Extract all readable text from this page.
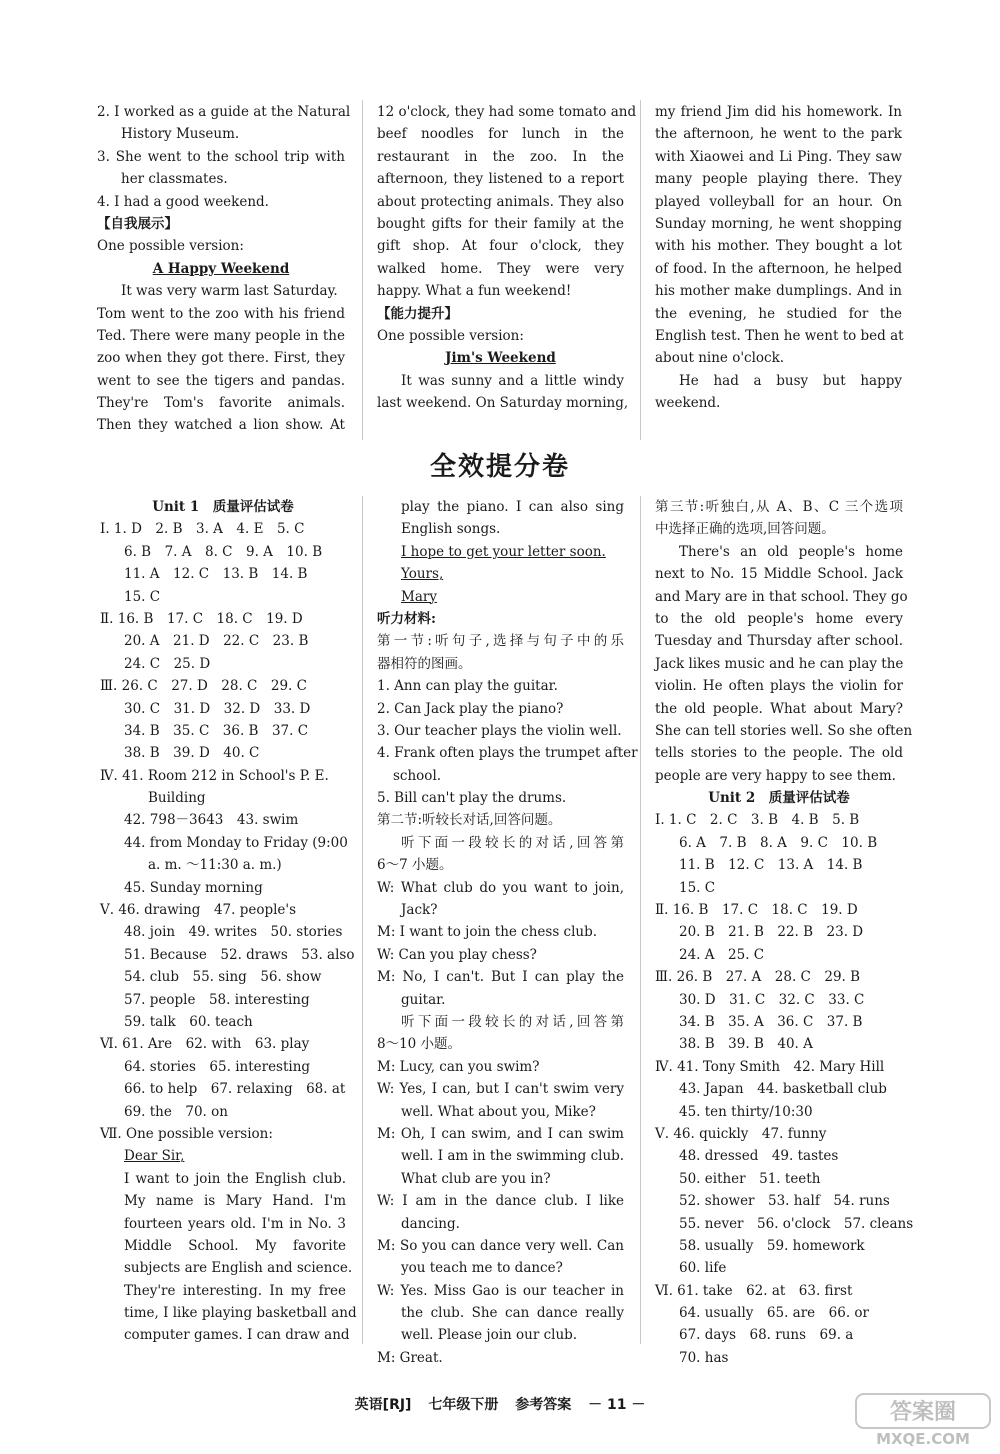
2. I worked as a guide at the Natural
History Museum.
3. She went to the school trip with
her classmates.
4. I had a good weekend.
【自我展示】
One possible version:
A Happy Weekend
It was very warm last Saturday.
Tom went to the zoo with his friend
Ted. There were many people in the
zoo when they got there. First, they
went to see the tigers and pandas.
They're Tom's favorite animals.
Then they watched a lion show. At
12 o'clock, they had some tomato and
beef noodles for lunch in the
restaurant in the zoo. In the
afternoon, they listened to a report
about protecting animals. They also
bought gifts for their family at the
gift shop. At four o'clock, they
walked home. They were very
happy. What a fun weekend!
【能力提升】
One possible version:
Jim's Weekend
It was sunny and a little windy
last weekend. On Saturday morning,
my friend Jim did his homework. In
the afternoon, he went to the park
with Xiaowei and Li Ping. They saw
many people playing there. They
played volleyball for an hour. On
Sunday morning, he went shopping
with his mother. They bought a lot
of food. In the afternoon, he helped
his mother make dumplings. And in
the evening, he studied for the
English test. Then he went to bed at
about nine o'clock.
He had a busy but happy
weekend.
全效提分卷
Unit 1　质量评估试卷
Ⅰ. 1. D　2. B　3. A　4. E　5. C
6. B　7. A　8. C　9. A　10. B
11. A　12. C　13. B　14. B
15. C
Ⅱ. 16. B　17. C　18. C　19. D
20. A　21. D　22. C　23. B
24. C　25. D
Ⅲ. 26. C　27. D　28. C　29. C
30. C　31. D　32. D　33. D
34. B　35. C　36. B　37. C
38. B　39. D　40. C
Ⅳ. 41. Room 212 in School's P. E.
Building
42. 798－3643　43. swim
44. from Monday to Friday (9:00
a. m. ～11:30 a. m.)
45. Sunday morning
Ⅴ. 46. drawing　47. people's
48. join　49. writes　50. stories
51. Because　52. draws　53. also
54. club　55. sing　56. show
57. people　58. interesting
59. talk　60. teach
Ⅵ. 61. Are　62. with　63. play
64. stories　65. interesting
66. to help　67. relaxing　68. at
69. the　70. on
Ⅶ. One possible version:
Dear Sir,
I want to join the English club.
My name is Mary Hand. I'm
fourteen years old. I'm in No. 3
Middle School. My favorite
subjects are English and science.
They're interesting. In my free
time, I like playing basketball and
computer games. I can draw and
play the piano. I can also sing
English songs.
I hope to get your letter soon.
Yours,
Mary
听力材料:
第一节:听句子,选择与句子中的乐
器相符的图画。
1. Ann can play the guitar.
2. Can Jack play the piano?
3. Our teacher plays the violin well.
4. Frank often plays the trumpet after
school.
5. Bill can't play the drums.
第二节:听较长对话,回答问题。
听下面一段较长的对话,回答第
6～7 小题。
W: What club do you want to join,
Jack?
M: I want to join the chess club.
W: Can you play chess?
M: No, I can't. But I can play the
guitar.
听下面一段较长的对话,回答第
8～10 小题。
M: Lucy, can you swim?
W: Yes, I can, but I can't swim very
well. What about you, Mike?
M: Oh, I can swim, and I can swim
well. I am in the swimming club.
What club are you in?
W: I am in the dance club. I like
dancing.
M: So you can dance very well. Can
you teach me to dance?
W: Yes. Miss Gao is our teacher in
the club. She can dance really
well. Please join our club.
M: Great.
第三节:听独白,从 A、B、C 三个选项
中选择正确的选项,回答问题。
There's an old people's home
next to No. 15 Middle School. Jack
and Mary are in that school. They go
to the old people's home every
Tuesday and Thursday after school.
Jack likes music and he can play the
violin. He often plays the violin for
the old people. What about Mary?
She can tell stories well. So she often
tells stories to the people. The old
people are very happy to see them.
Unit 2　质量评估试卷
Ⅰ. 1. C　2. C　3. B　4. B　5. B
6. A　7. B　8. A　9. C　10. B
11. B　12. C　13. A　14. B
15. C
Ⅱ. 16. B　17. C　18. C　19. D
20. B　21. B　22. B　23. D
24. A　25. C
Ⅲ. 26. B　27. A　28. C　29. B
30. D　31. C　32. C　33. C
34. B　35. A　36. C　37. B
38. B　39. B　40. A
Ⅳ. 41. Tony Smith　42. Mary Hill
43. Japan　44. basketball club
45. ten thirty/10:30
Ⅴ. 46. quickly　47. funny
48. dressed　49. tastes
50. either　51. teeth
52. shower　53. half　54. runs
55. never　56. o'clock　57. cleans
58. usually　59. homework
60. life
Ⅵ. 61. take　62. at　63. first
64. usually　65. are　66. or
67. days　68. runs　69. a
70. has
英语[RJ] 七年级下册 参考答案 － 11 －	答案圈
MXQE.COM
